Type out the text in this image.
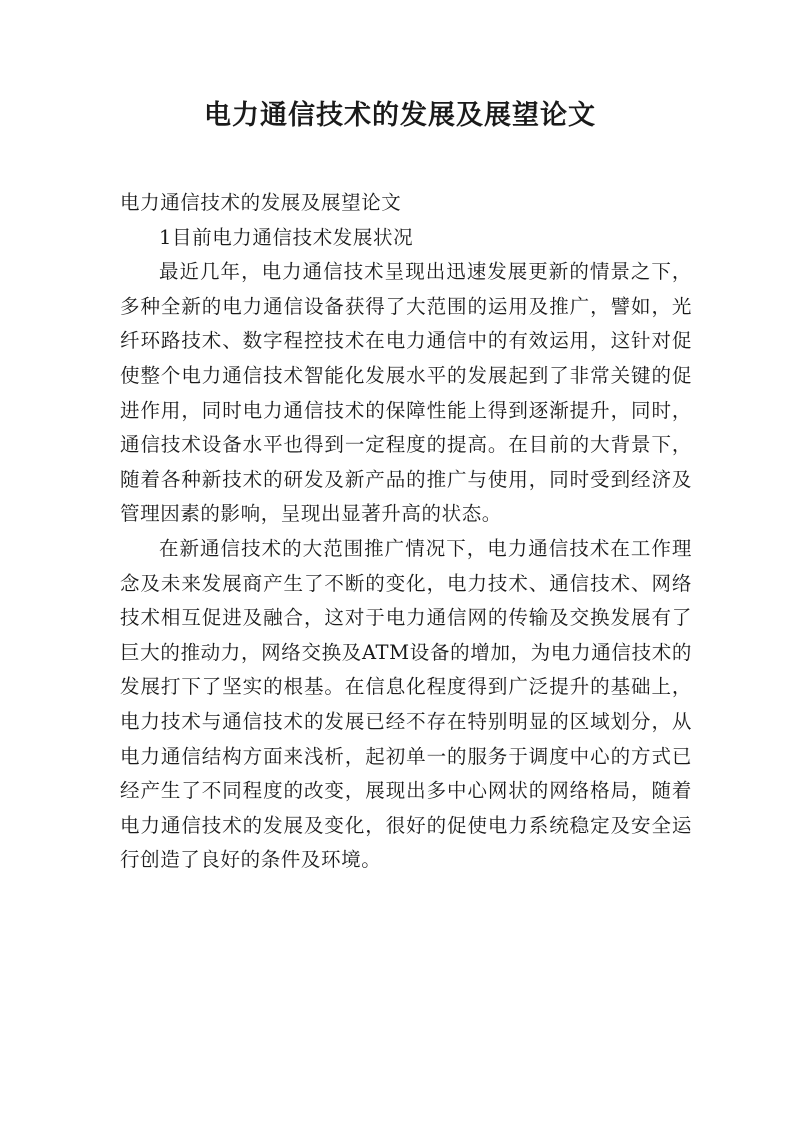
电力通信技术的发展及展望论文

电力通信技术的发展及展望论文

1目前电力通信技术发展状况

最近几年，电力通信技术呈现出迅速发展更新的情景之下，多种全新的电力通信设备获得了大范围的运用及推广，譬如，光纤环路技术、数字程控技术在电力通信中的有效运用，这针对促使整个电力通信技术智能化发展水平的发展起到了非常关键的促进作用，同时电力通信技术的保障性能上得到逐渐提升，同时，通信技术设备水平也得到一定程度的提高。在目前的大背景下，随着各种新技术的研发及新产品的推广与使用，同时受到经济及管理因素的影响，呈现出显著升高的状态。

在新通信技术的大范围推广情况下，电力通信技术在工作理念及未来发展商产生了不断的变化，电力技术、通信技术、网络技术相互促进及融合，这对于电力通信网的传输及交换发展有了巨大的推动力，网络交换及ATM设备的增加，为电力通信技术的发展打下了坚实的根基。在信息化程度得到广泛提升的基础上，电力技术与通信技术的发展已经不存在特别明显的区域划分，从电力通信结构方面来浅析，起初单一的服务于调度中心的方式已经产生了不同程度的改变，展现出多中心网状的网络格局，随着电力通信技术的发展及变化，很好的促使电力系统稳定及安全运行创造了良好的条件及环境。
